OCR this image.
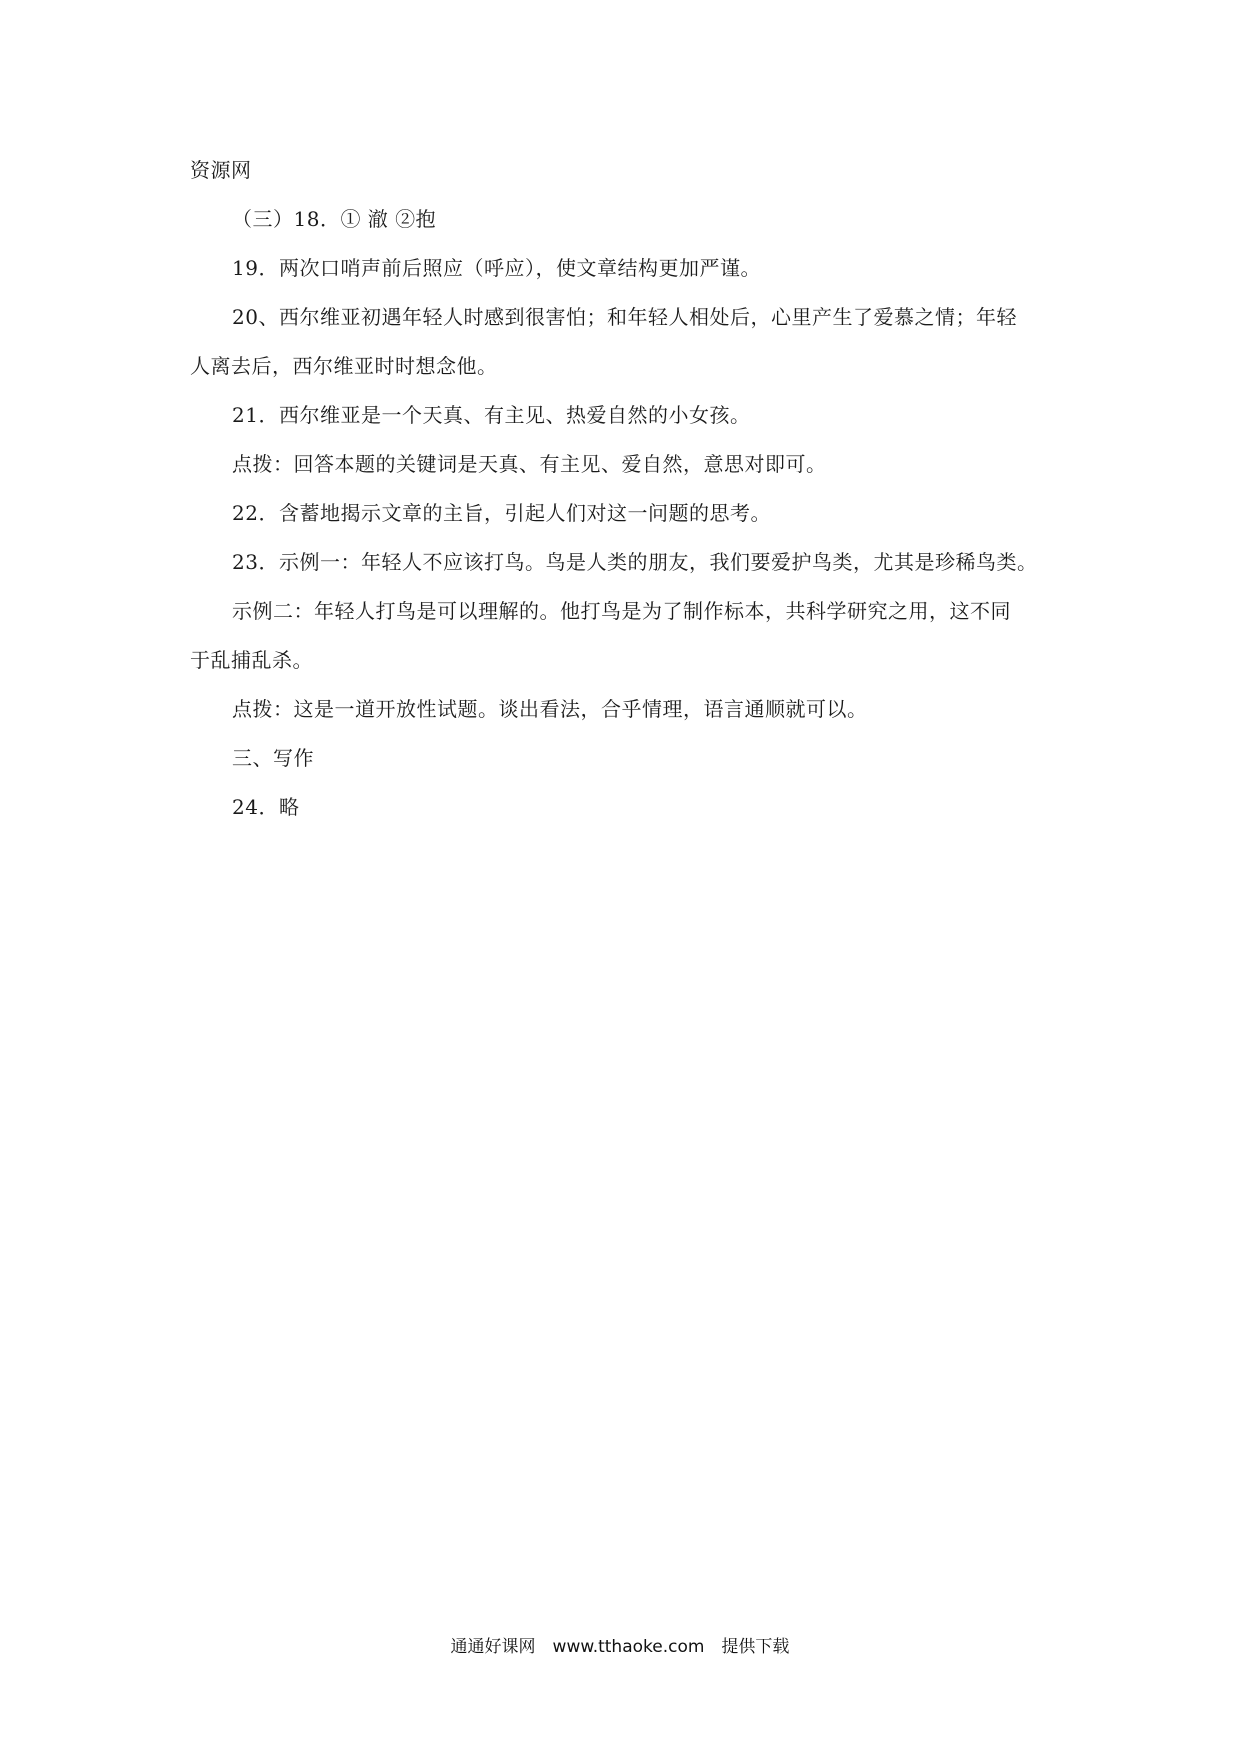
资源网
（三）18．① 澈 ②抱
19．两次口哨声前后照应（呼应），使文章结构更加严谨。
20、西尔维亚初遇年轻人时感到很害怕；和年轻人相处后，心里产生了爱慕之情；年轻
人离去后，西尔维亚时时想念他。
21．西尔维亚是一个天真、有主见、热爱自然的小女孩。
点拨：回答本题的关键词是天真、有主见、爱自然，意思对即可。
22．含蓄地揭示文章的主旨，引起人们对这一问题的思考。
23．示例一：年轻人不应该打鸟。鸟是人类的朋友，我们要爱护鸟类，尤其是珍稀鸟类。
示例二：年轻人打鸟是可以理解的。他打鸟是为了制作标本，共科学研究之用，这不同
于乱捕乱杀。
点拨：这是一道开放性试题。谈出看法，合乎情理，语言通顺就可以。
三、写作
24．略
通通好课网　www.tthaoke.com　提供下载
